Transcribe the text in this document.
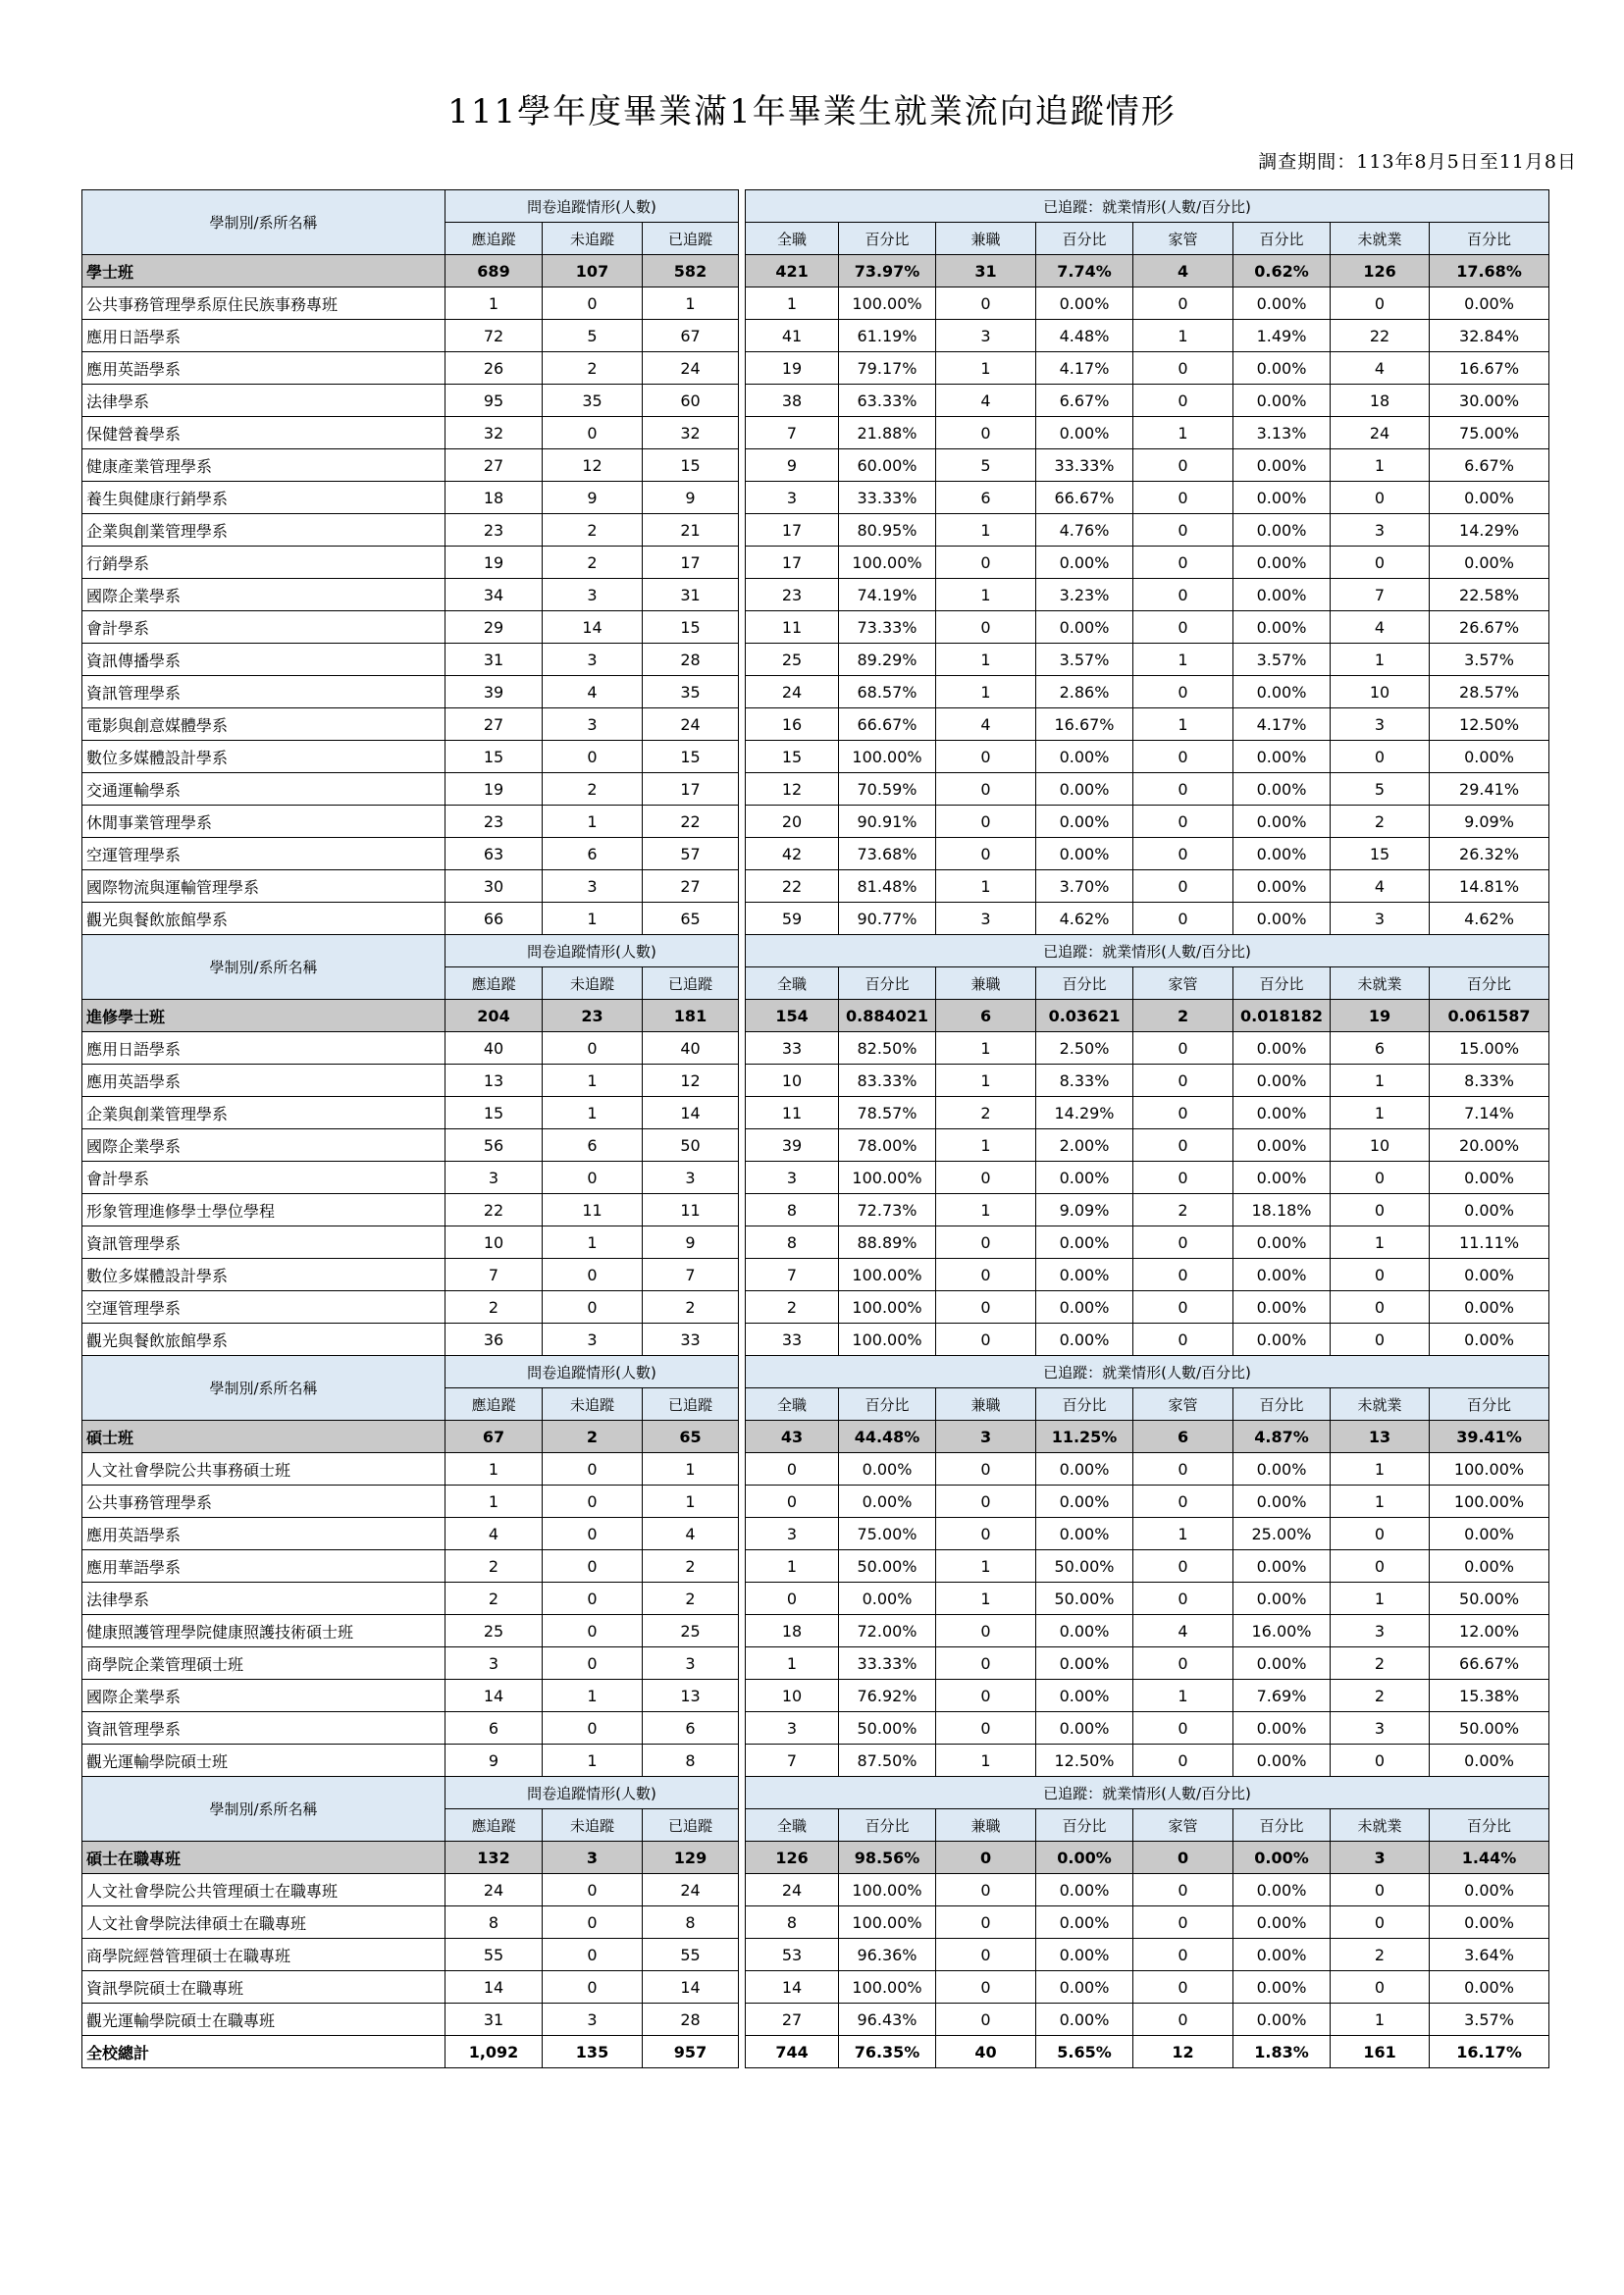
111學年度畢業滿1年畢業生就業流向追蹤情形
調查期間：113年8月5日至11月8日
學制別/系所名稱	問卷追蹤情形(人數)				已追蹤：就業情形(人數/百分比)							
	應追蹤	未追蹤	已追蹤		全職	百分比	兼職	百分比	家管	百分比	未就業	百分比
學士班	689	107	582		421	73.97%	31	7.74%	4	0.62%	126	17.68%
公共事務管理學系原住民族事務專班	1	0	1		1	100.00%	0	0.00%	0	0.00%	0	0.00%
應用日語學系	72	5	67		41	61.19%	3	4.48%	1	1.49%	22	32.84%
應用英語學系	26	2	24		19	79.17%	1	4.17%	0	0.00%	4	16.67%
法律學系	95	35	60		38	63.33%	4	6.67%	0	0.00%	18	30.00%
保健營養學系	32	0	32		7	21.88%	0	0.00%	1	3.13%	24	75.00%
健康產業管理學系	27	12	15		9	60.00%	5	33.33%	0	0.00%	1	6.67%
養生與健康行銷學系	18	9	9		3	33.33%	6	66.67%	0	0.00%	0	0.00%
企業與創業管理學系	23	2	21		17	80.95%	1	4.76%	0	0.00%	3	14.29%
行銷學系	19	2	17		17	100.00%	0	0.00%	0	0.00%	0	0.00%
國際企業學系	34	3	31		23	74.19%	1	3.23%	0	0.00%	7	22.58%
會計學系	29	14	15		11	73.33%	0	0.00%	0	0.00%	4	26.67%
資訊傳播學系	31	3	28		25	89.29%	1	3.57%	1	3.57%	1	3.57%
資訊管理學系	39	4	35		24	68.57%	1	2.86%	0	0.00%	10	28.57%
電影與創意媒體學系	27	3	24		16	66.67%	4	16.67%	1	4.17%	3	12.50%
數位多媒體設計學系	15	0	15		15	100.00%	0	0.00%	0	0.00%	0	0.00%
交通運輸學系	19	2	17		12	70.59%	0	0.00%	0	0.00%	5	29.41%
休閒事業管理學系	23	1	22		20	90.91%	0	0.00%	0	0.00%	2	9.09%
空運管理學系	63	6	57		42	73.68%	0	0.00%	0	0.00%	15	26.32%
國際物流與運輸管理學系	30	3	27		22	81.48%	1	3.70%	0	0.00%	4	14.81%
觀光與餐飲旅館學系	66	1	65		59	90.77%	3	4.62%	0	0.00%	3	4.62%
學制別/系所名稱	問卷追蹤情形(人數)				已追蹤：就業情形(人數/百分比)							
	應追蹤	未追蹤	已追蹤		全職	百分比	兼職	百分比	家管	百分比	未就業	百分比
進修學士班	204	23	181		154	0.884021	6	0.03621	2	0.018182	19	0.061587
應用日語學系	40	0	40		33	82.50%	1	2.50%	0	0.00%	6	15.00%
應用英語學系	13	1	12		10	83.33%	1	8.33%	0	0.00%	1	8.33%
企業與創業管理學系	15	1	14		11	78.57%	2	14.29%	0	0.00%	1	7.14%
國際企業學系	56	6	50		39	78.00%	1	2.00%	0	0.00%	10	20.00%
會計學系	3	0	3		3	100.00%	0	0.00%	0	0.00%	0	0.00%
形象管理進修學士學位學程	22	11	11		8	72.73%	1	9.09%	2	18.18%	0	0.00%
資訊管理學系	10	1	9		8	88.89%	0	0.00%	0	0.00%	1	11.11%
數位多媒體設計學系	7	0	7		7	100.00%	0	0.00%	0	0.00%	0	0.00%
空運管理學系	2	0	2		2	100.00%	0	0.00%	0	0.00%	0	0.00%
觀光與餐飲旅館學系	36	3	33		33	100.00%	0	0.00%	0	0.00%	0	0.00%
學制別/系所名稱	問卷追蹤情形(人數)				已追蹤：就業情形(人數/百分比)							
	應追蹤	未追蹤	已追蹤		全職	百分比	兼職	百分比	家管	百分比	未就業	百分比
碩士班	67	2	65		43	44.48%	3	11.25%	6	4.87%	13	39.41%
人文社會學院公共事務碩士班	1	0	1		0	0.00%	0	0.00%	0	0.00%	1	100.00%
公共事務管理學系	1	0	1		0	0.00%	0	0.00%	0	0.00%	1	100.00%
應用英語學系	4	0	4		3	75.00%	0	0.00%	1	25.00%	0	0.00%
應用華語學系	2	0	2		1	50.00%	1	50.00%	0	0.00%	0	0.00%
法律學系	2	0	2		0	0.00%	1	50.00%	0	0.00%	1	50.00%
健康照護管理學院健康照護技術碩士班	25	0	25		18	72.00%	0	0.00%	4	16.00%	3	12.00%
商學院企業管理碩士班	3	0	3		1	33.33%	0	0.00%	0	0.00%	2	66.67%
國際企業學系	14	1	13		10	76.92%	0	0.00%	1	7.69%	2	15.38%
資訊管理學系	6	0	6		3	50.00%	0	0.00%	0	0.00%	3	50.00%
觀光運輸學院碩士班	9	1	8		7	87.50%	1	12.50%	0	0.00%	0	0.00%
學制別/系所名稱	問卷追蹤情形(人數)				已追蹤：就業情形(人數/百分比)							
	應追蹤	未追蹤	已追蹤		全職	百分比	兼職	百分比	家管	百分比	未就業	百分比
碩士在職專班	132	3	129		126	98.56%	0	0.00%	0	0.00%	3	1.44%
人文社會學院公共管理碩士在職專班	24	0	24		24	100.00%	0	0.00%	0	0.00%	0	0.00%
人文社會學院法律碩士在職專班	8	0	8		8	100.00%	0	0.00%	0	0.00%	0	0.00%
商學院經營管理碩士在職專班	55	0	55		53	96.36%	0	0.00%	0	0.00%	2	3.64%
資訊學院碩士在職專班	14	0	14		14	100.00%	0	0.00%	0	0.00%	0	0.00%
觀光運輸學院碩士在職專班	31	3	28		27	96.43%	0	0.00%	0	0.00%	1	3.57%
全校總計	1,092	135	957		744	76.35%	40	5.65%	12	1.83%	161	16.17%
